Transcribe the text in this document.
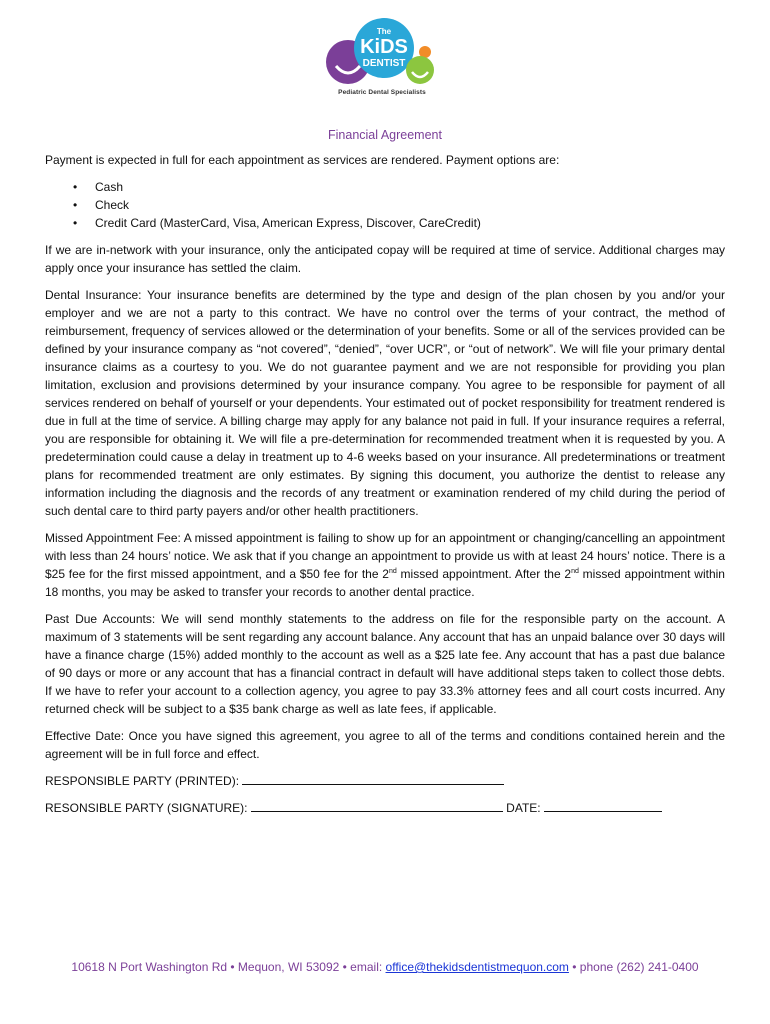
The
KiDS
DENTIST
Pediatric Dental Specialists
Financial Agreement

Payment is expected in full for each appointment as services are rendered. Payment options are:

• Cash
• Check
• Credit Card (MasterCard, Visa, American Express, Discover, CareCredit)

If we are in-network with your insurance, only the anticipated copay will be required at time of service. Additional charges may apply once your insurance has settled the claim.

Dental Insurance: Your insurance benefits are determined by the type and design of the plan chosen by you and/or your employer and we are not a party to this contract. We have no control over the terms of your contract, the method of reimbursement, frequency of services allowed or the determination of your benefits. Some or all of the services provided can be defined by your insurance company as “not covered”, “denied”, “over UCR”, or “out of network”. We will file your primary dental insurance claims as a courtesy to you. We do not guarantee payment and we are not responsible for providing you plan limitation, exclusion and provisions determined by your insurance company. You agree to be responsible for payment of all services rendered on behalf of yourself or your dependents. Your estimated out of pocket responsibility for treatment rendered is due in full at the time of service. A billing charge may apply for any balance not paid in full. If your insurance requires a referral, you are responsible for obtaining it. We will file a pre-determination for recommended treatment when it is requested by you. A predetermination could cause a delay in treatment up to 4-6 weeks based on your insurance. All predeterminations or treatment plans for recommended treatment are only estimates. By signing this document, you authorize the dentist to release any information including the diagnosis and the records of any treatment or examination rendered of my child during the period of such dental care to third party payers and/or other health practitioners.

Missed Appointment Fee: A missed appointment is failing to show up for an appointment or changing/cancelling an appointment with less than 24 hours’ notice. We ask that if you change an appointment to provide us with at least 24 hours’ notice. There is a $25 fee for the first missed appointment, and a $50 fee for the 2nd missed appointment. After the 2nd missed appointment within 18 months, you may be asked to transfer your records to another dental practice.

Past Due Accounts: We will send monthly statements to the address on file for the responsible party on the account. A maximum of 3 statements will be sent regarding any account balance. Any account that has an unpaid balance over 30 days will have a finance charge (15%) added monthly to the account as well as a $25 late fee. Any account that has a past due balance of 90 days or more or any account that has a financial contract in default will have additional steps taken to collect those debts. If we have to refer your account to a collection agency, you agree to pay 33.3% attorney fees and all court costs incurred. Any returned check will be subject to a $35 bank charge as well as late fees, if applicable.

Effective Date: Once you have signed this agreement, you agree to all of the terms and conditions contained herein and the agreement will be in full force and effect.

RESPONSIBLE PARTY (PRINTED):
RESONSIBLE PARTY (SIGNATURE):	DATE:
10618 N Port Washington Rd • Mequon, WI 53092 • email: office@thekidsdentistmequon.com • phone (262) 241-0400
